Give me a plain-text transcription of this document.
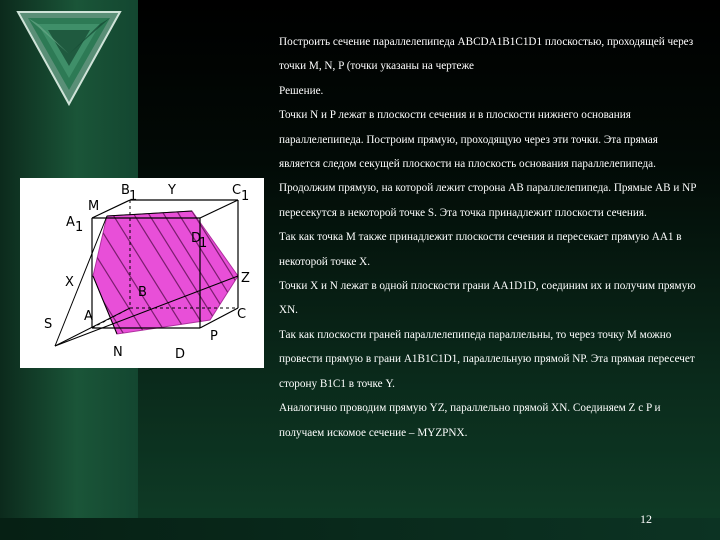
B 1 Y	C 1
A 1
M
D
1
X	Z
B
S
A	C
P
N	D

Построить сечение параллелепипеда ABCDA1B1C1D1 плоскостью, проходящей через точки M, N, P (точки указаны на чертеже

Решение.

Точки N и P лежат в плоскости сечения и в плоскости нижнего основания параллелепипеда. Построим прямую, проходящую через эти точки. Эта прямая является следом секущей плоскости на плоскость основания параллелепипеда.

Продолжим прямую, на которой лежит сторона AB параллелепипеда. Прямые AB и NP пересекутся в некоторой точке S. Эта точка принадлежит плоскости сечения.

Так как точка M также принадлежит плоскости сечения и пересекает прямую AA1 в некоторой точке X.

Точки X и N лежат в одной плоскости грани AA1D1D, соединим их и получим прямую XN.

Так как плоскости граней параллелепипеда параллельны, то через точку M можно провести прямую в грани A1B1C1D1, параллельную прямой NP. Эта прямая пересечет сторону B1C1 в точке Y.

Аналогично проводим прямую YZ, параллельно прямой XN. Соединяем Z с P и получаем искомое сечение – MYZPNX.

12
